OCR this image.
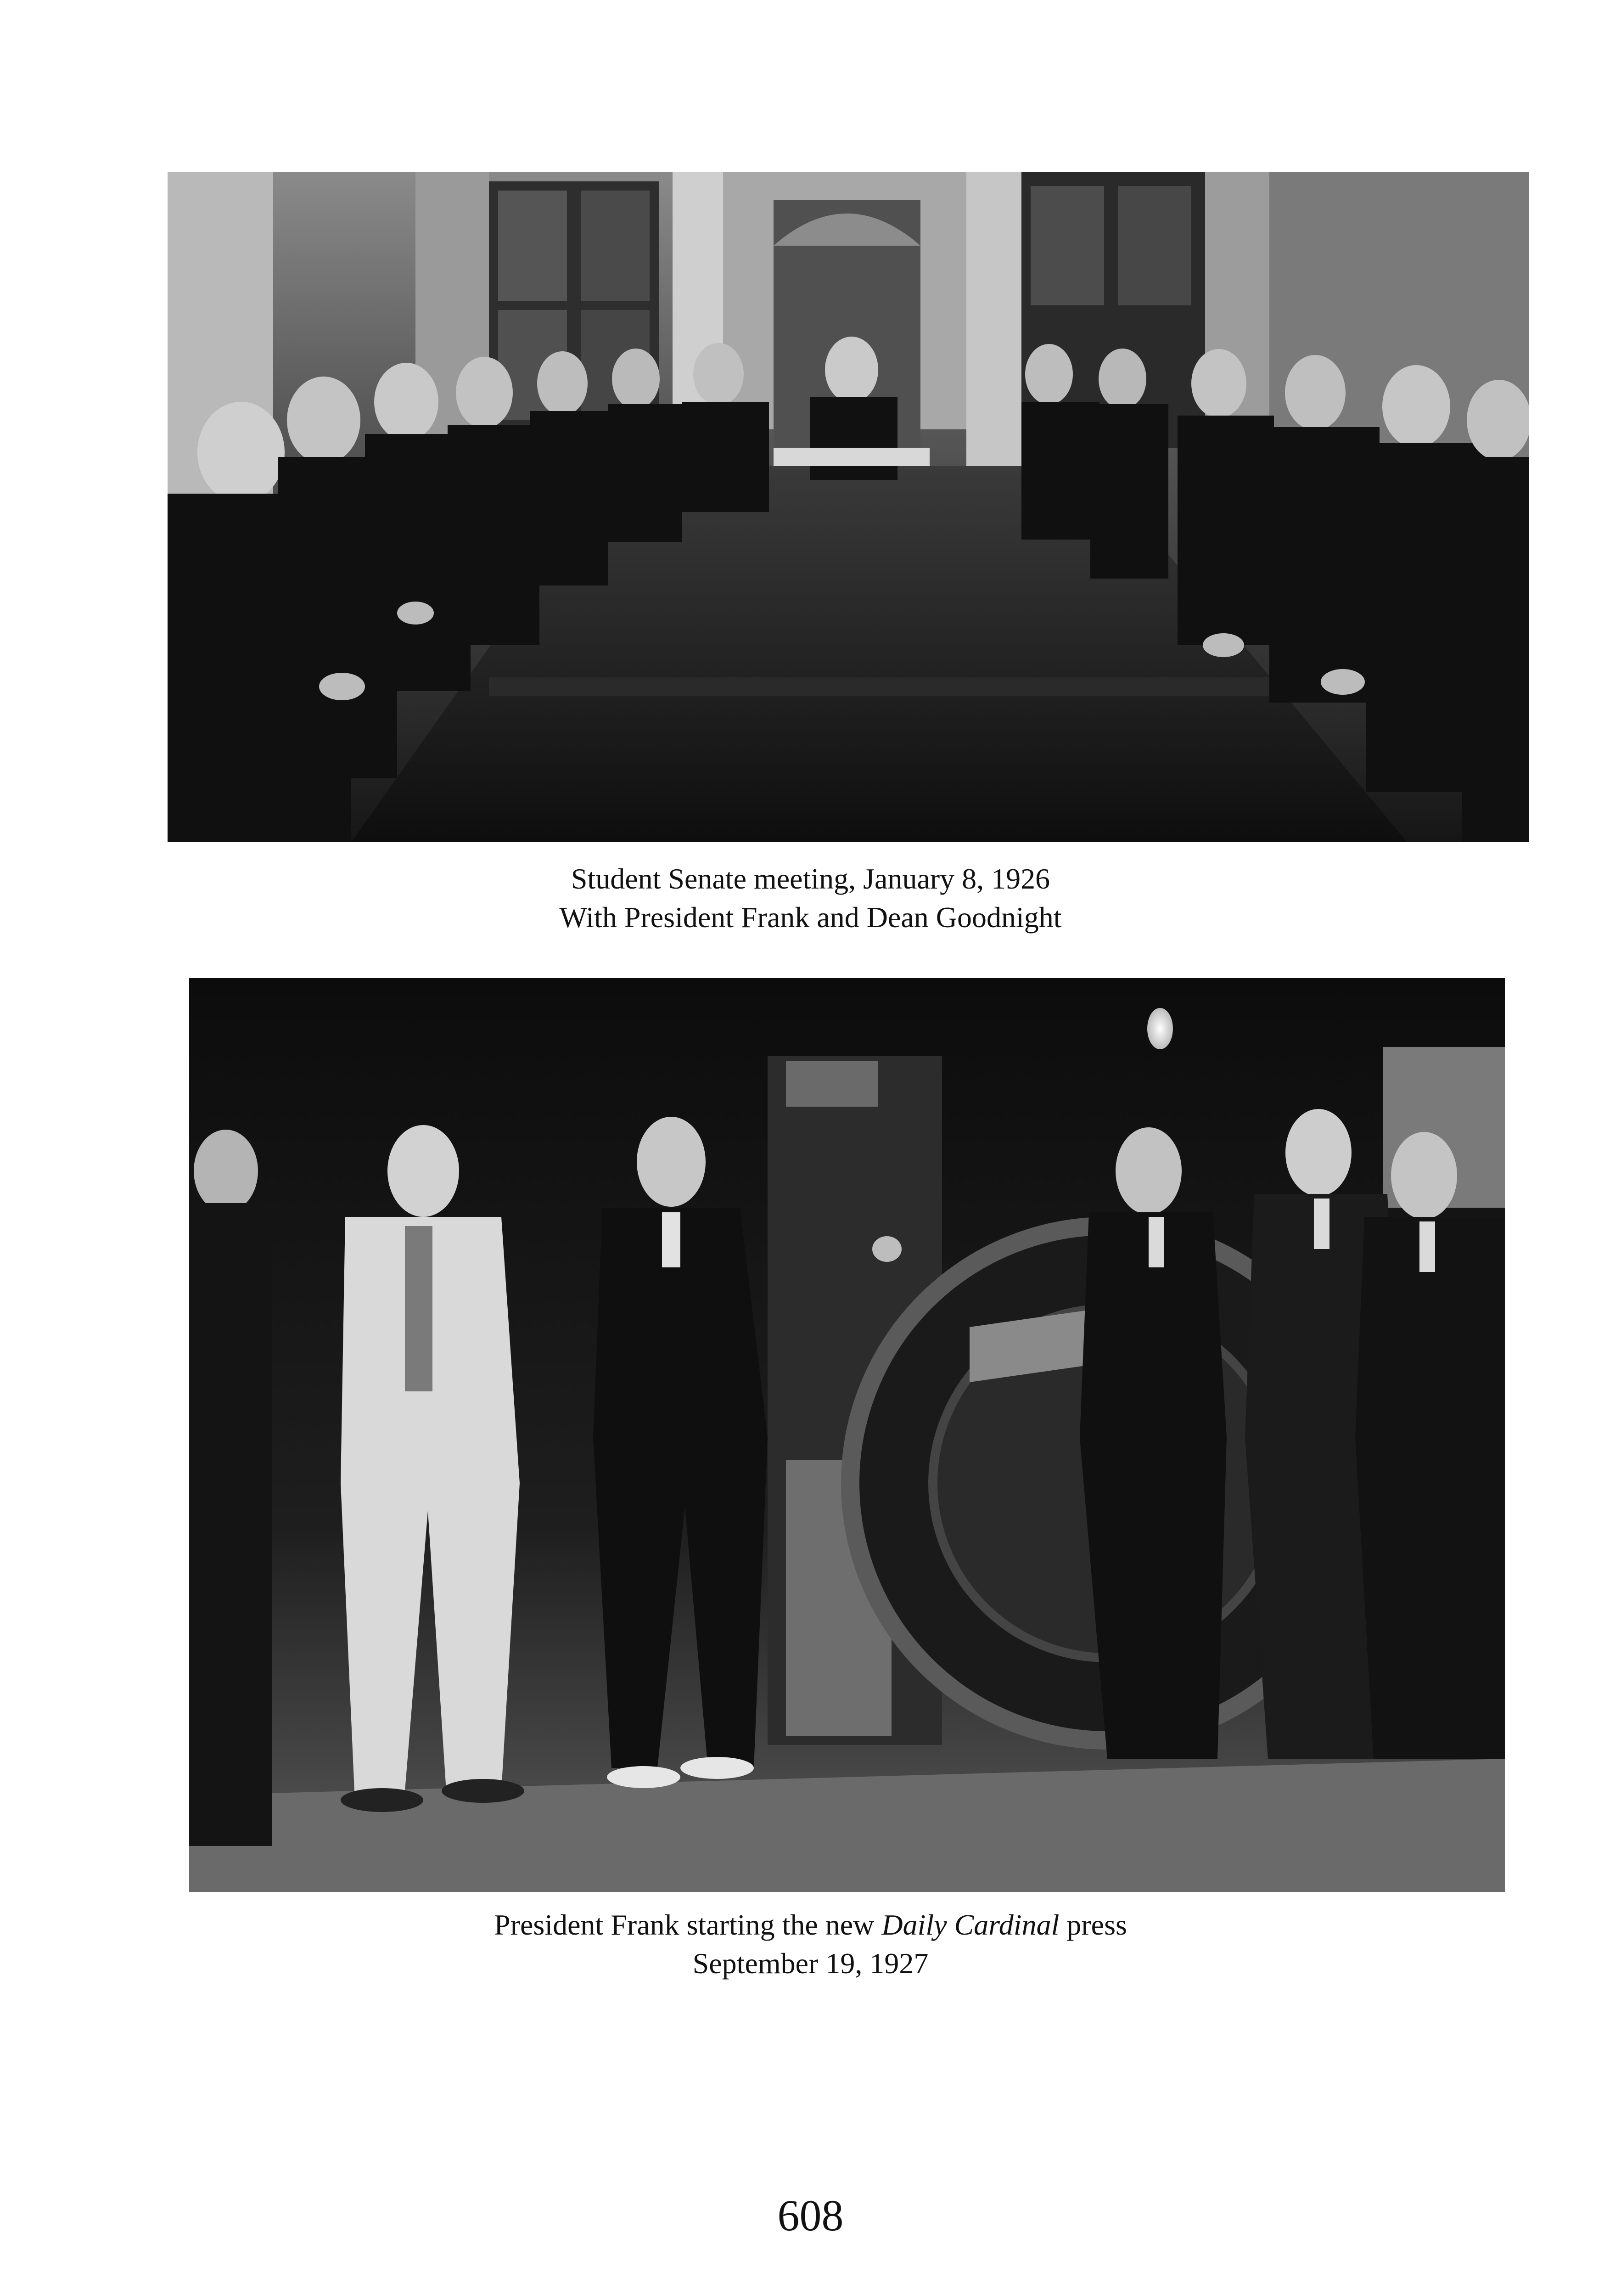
Student Senate meeting, January 8, 1926
With President Frank and Dean Goodnight
President Frank starting the new Daily Cardinal press
September 19, 1927
608
